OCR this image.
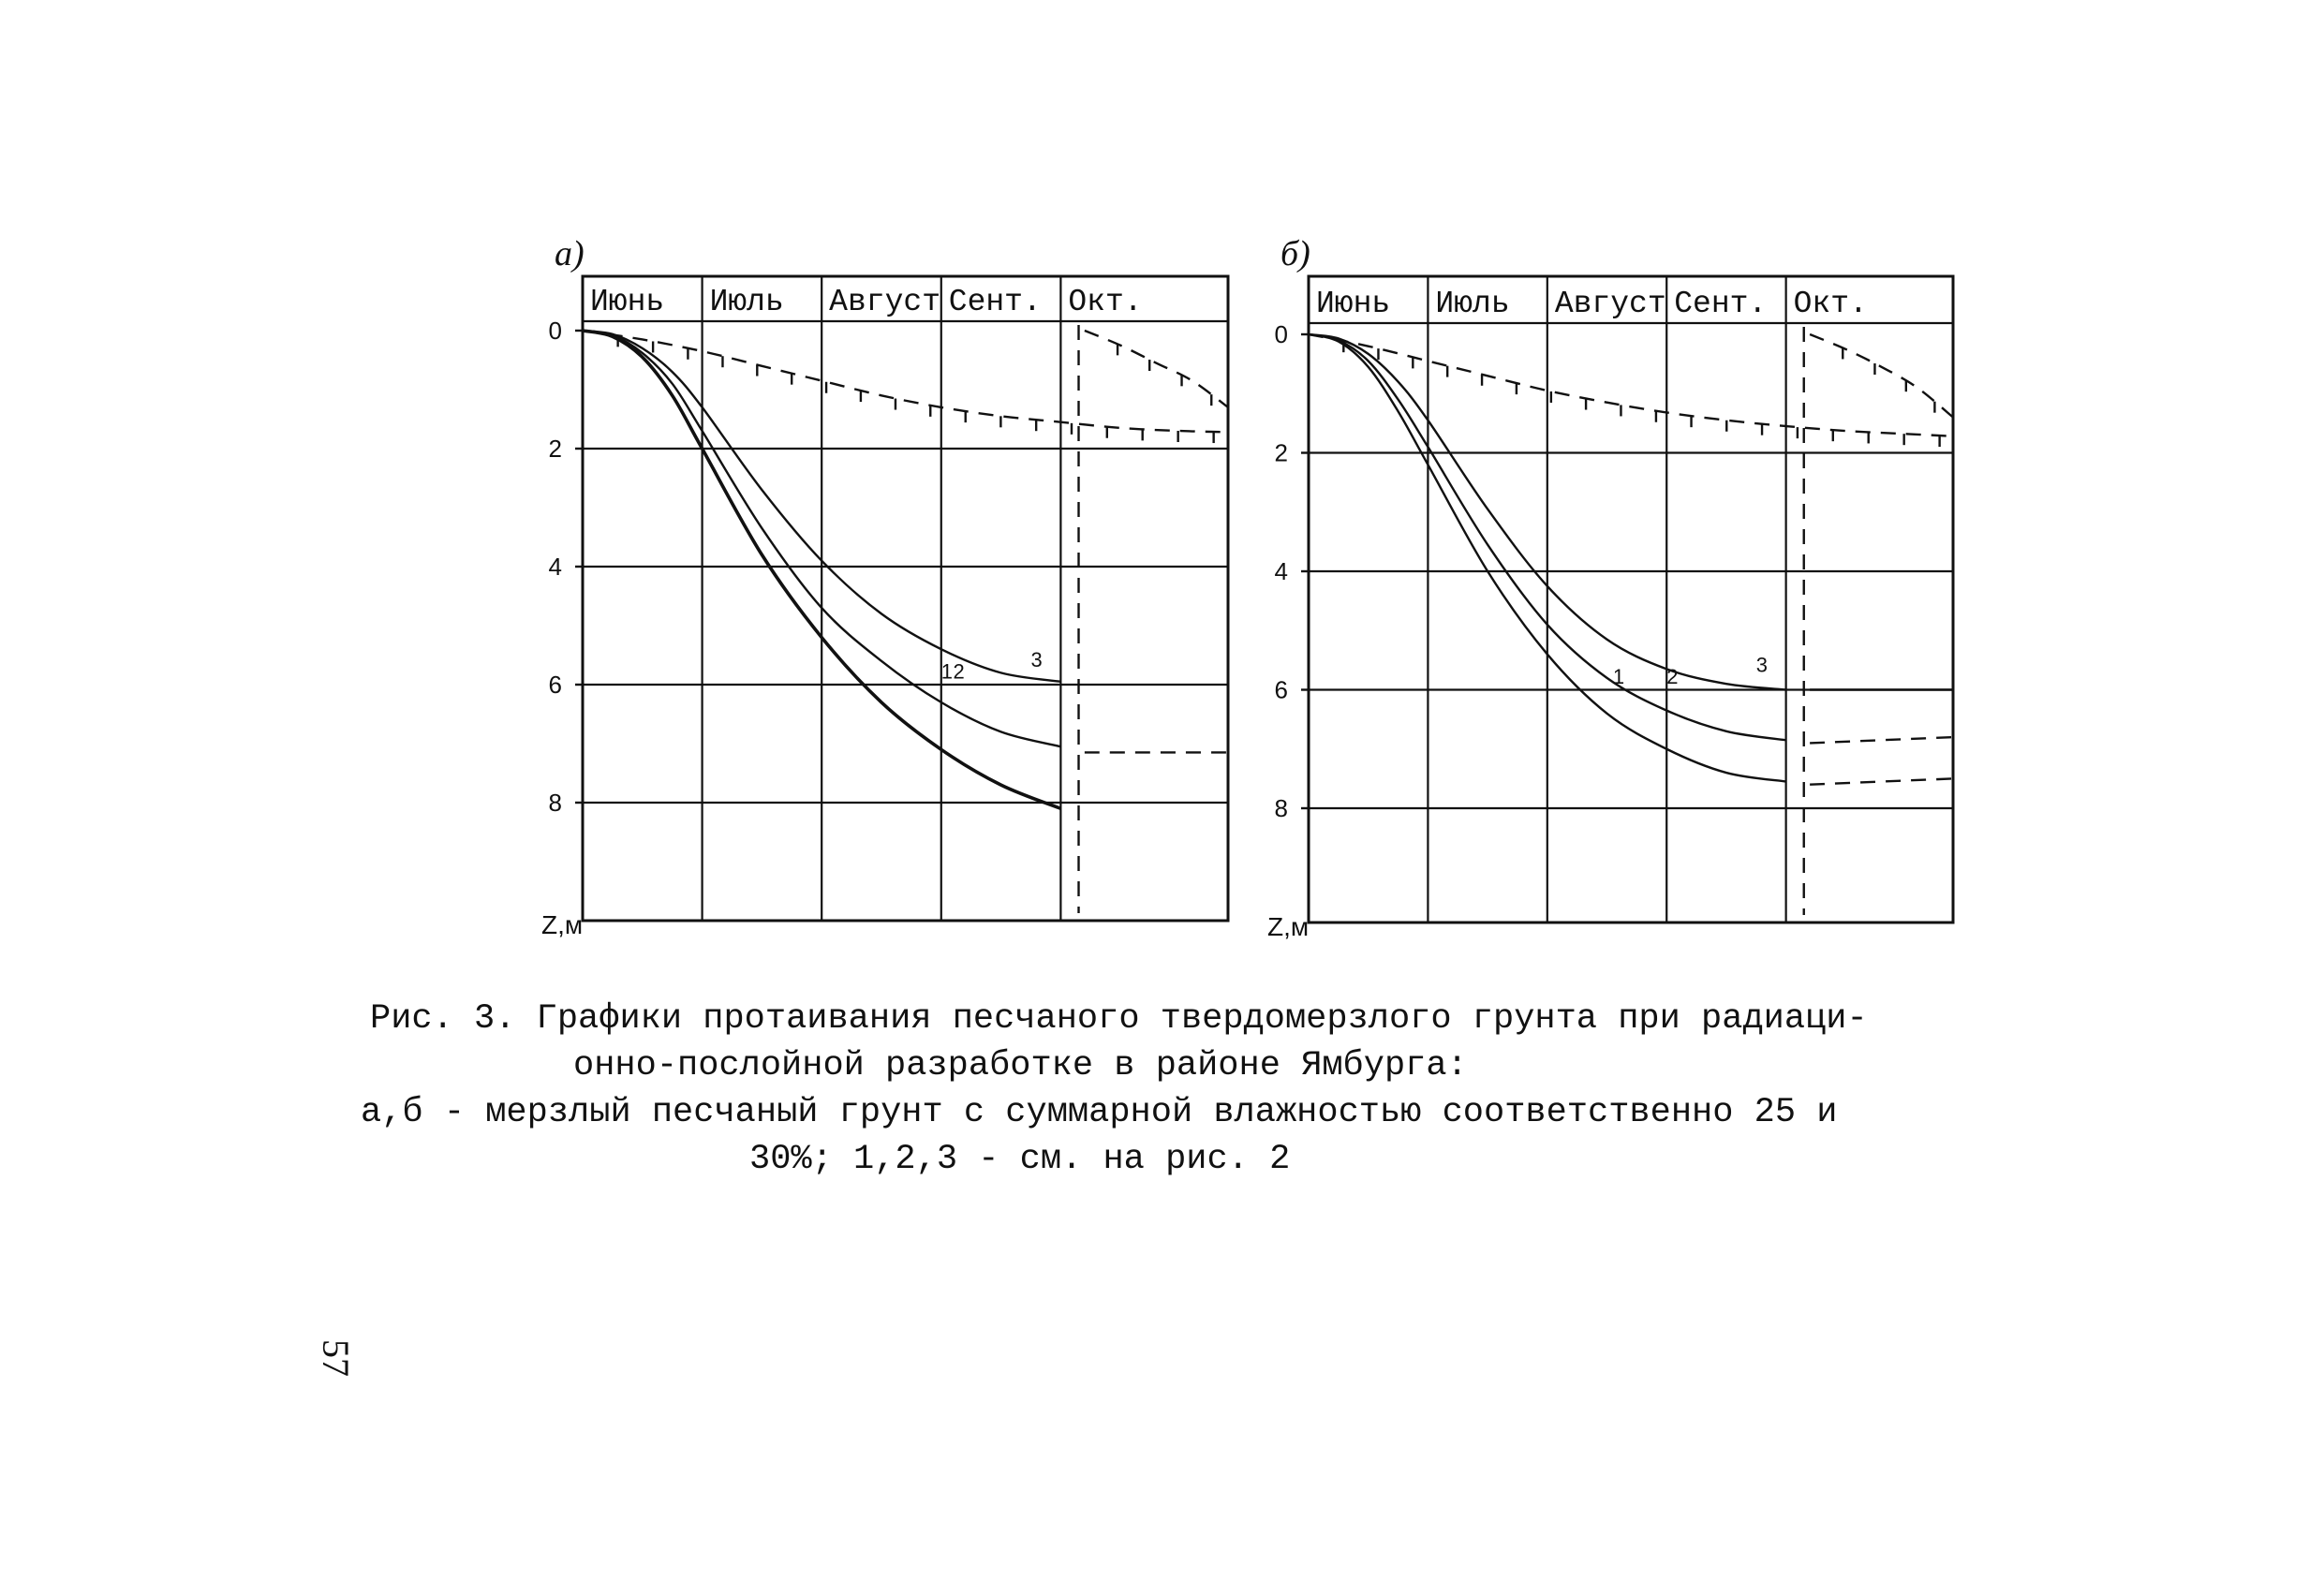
0
2
4
6
8
Июнь Июль Август Сент. Окт.
1 2
3
а)
Z,м
0
2
4
6
8
Июнь Июль Август Сент. Окт.
1 2
3
б)
Z,м
Рис. 3. Графики протаивания песчаного твердомерзлого грунта при радиаци-
онно-послойной разработке в районе Ямбурга:
а,б - мерзлый песчаный грунт с суммарной влажностью соответственно 25 и
30%; 1,2,3 - см. на рис. 2
57
